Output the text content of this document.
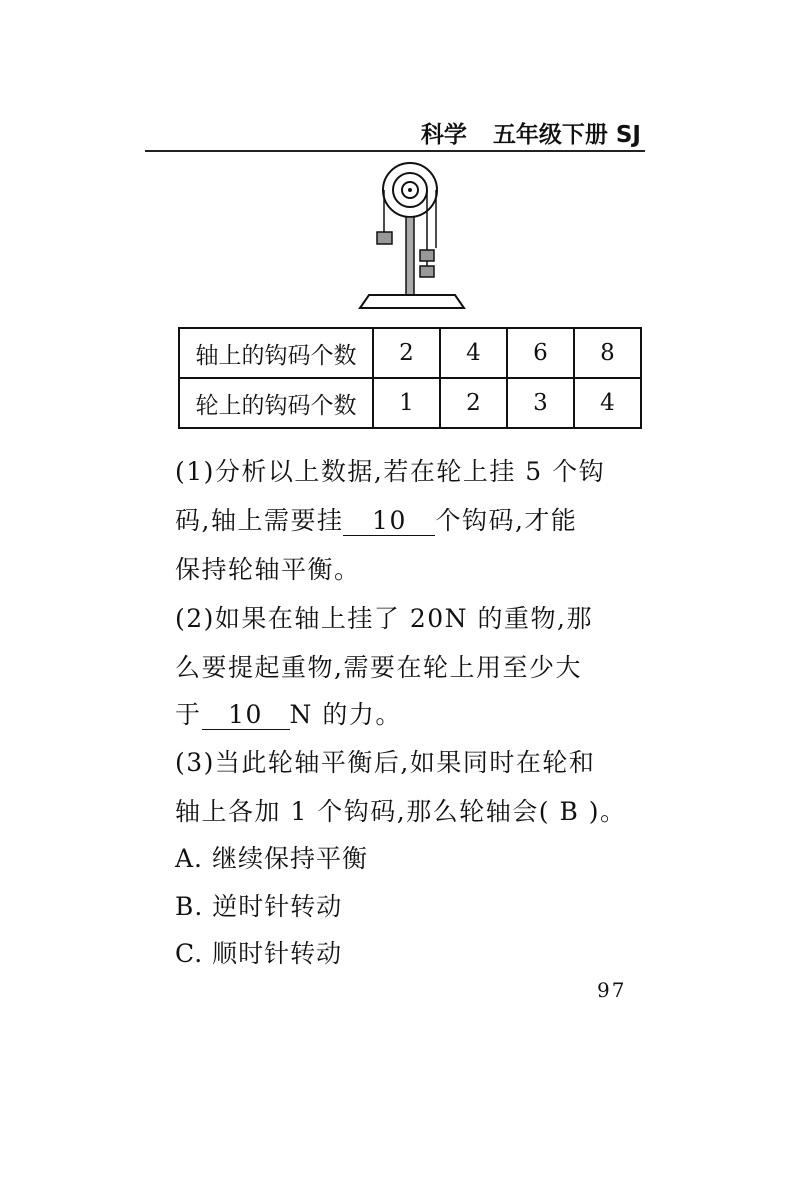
科学 五年级下册 SJ
轴上的钩码个数	2	4	6	8
轮上的钩码个数	1	2	3	4
(1)分析以上数据,若在轮上挂 5 个钩
码,轴上需要挂 10 个钩码,才能
保持轮轴平衡。
(2)如果在轴上挂了 20N 的重物,那
么要提起重物,需要在轮上用至少大
于 10 N 的力。
(3)当此轮轴平衡后,如果同时在轮和
轴上各加 1 个钩码,那么轮轴会( B )。
A. 继续保持平衡
B. 逆时针转动
C. 顺时针转动
97
